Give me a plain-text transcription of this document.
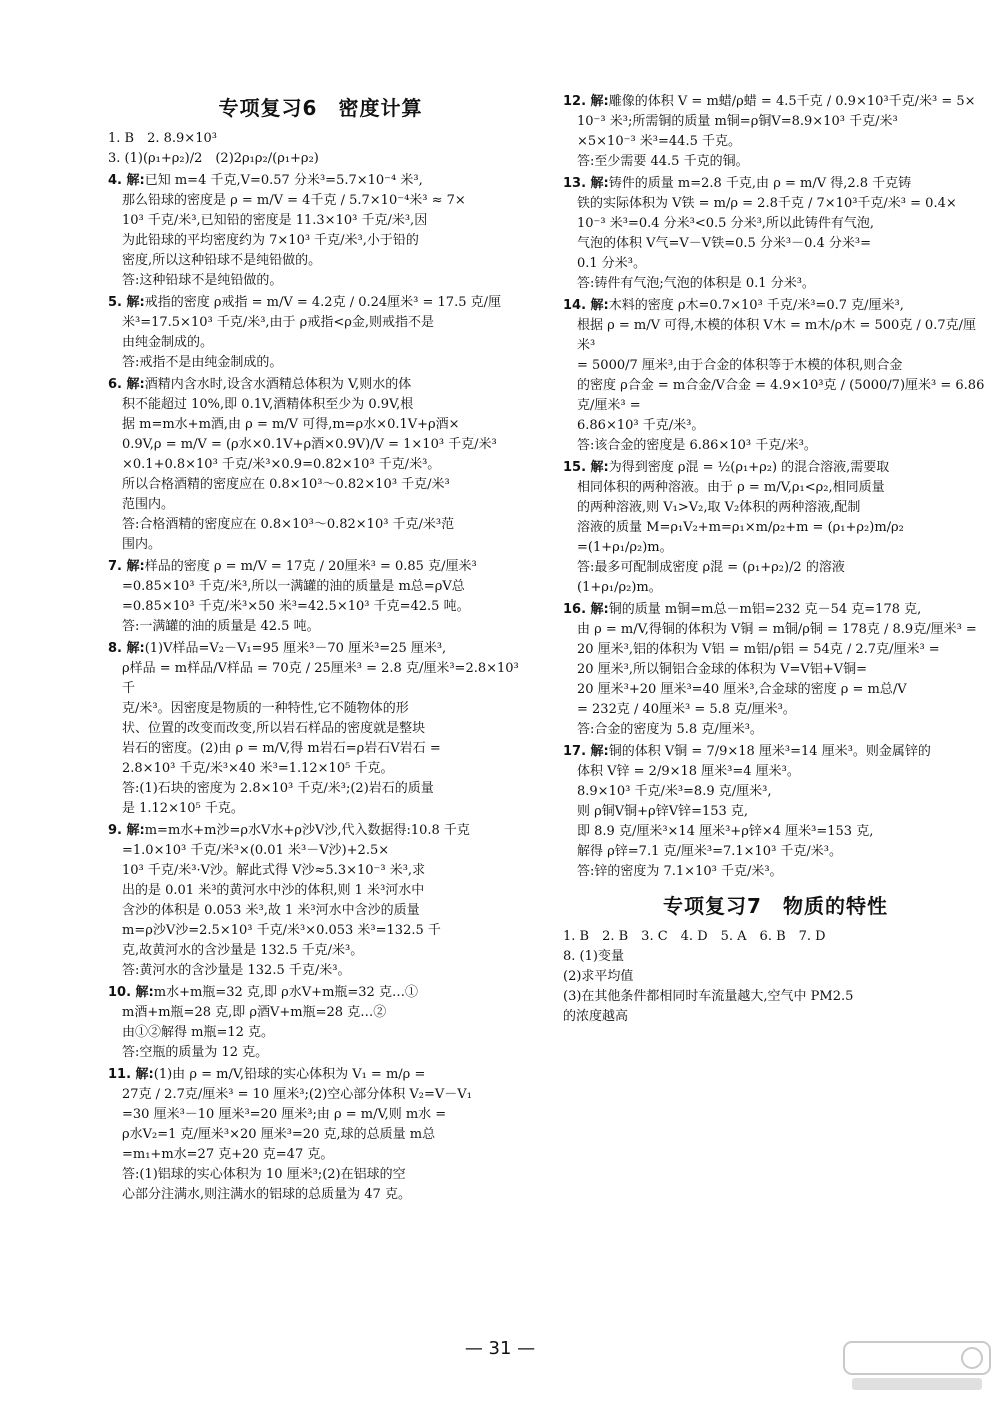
专项复习6　密度计算

1. B　2. 8.9×10³

3. (1)(ρ₁+ρ₂)/2　(2)2ρ₁ρ₂/(ρ₁+ρ₂)

4. 解:已知 m=4 千克,V=0.57 分米³=5.7×10⁻⁴ 米³,

那么铅球的密度是 ρ = m/V = 4千克 / 5.7×10⁻⁴米³ ≈ 7×

10³ 千克/米³,已知铅的密度是 11.3×10³ 千克/米³,因

为此铅球的平均密度约为 7×10³ 千克/米³,小于铅的

密度,所以这种铅球不是纯铅做的。

答:这种铅球不是纯铅做的。

5. 解:戒指的密度 ρ戒指 = m/V = 4.2克 / 0.24厘米³ = 17.5 克/厘

米³=17.5×10³ 千克/米³,由于 ρ戒指<ρ金,则戒指不是

由纯金制成的。

答:戒指不是由纯金制成的。

6. 解:酒精内含水时,设含水酒精总体积为 V,则水的体

积不能超过 10%,即 0.1V,酒精体积至少为 0.9V,根

据 m=m水+m酒,由 ρ = m/V 可得,m=ρ水×0.1V+ρ酒×

0.9V,ρ = m/V = (ρ水×0.1V+ρ酒×0.9V)/V = 1×10³ 千克/米³

×0.1+0.8×10³ 千克/米³×0.9=0.82×10³ 千克/米³。

所以合格酒精的密度应在 0.8×10³～0.82×10³ 千克/米³

范围内。

答:合格酒精的密度应在 0.8×10³～0.82×10³ 千克/米³范

围内。

7. 解:样品的密度 ρ = m/V = 17克 / 20厘米³ = 0.85 克/厘米³

=0.85×10³ 千克/米³,所以一满罐的油的质量是 m总=ρV总

=0.85×10³ 千克/米³×50 米³=42.5×10³ 千克=42.5 吨。

答:一满罐的油的质量是 42.5 吨。

8. 解:(1)V样品=V₂－V₁=95 厘米³－70 厘米³=25 厘米³,

ρ样品 = m样品/V样品 = 70克 / 25厘米³ = 2.8 克/厘米³=2.8×10³ 千

克/米³。因密度是物质的一种特性,它不随物体的形

状、位置的改变而改变,所以岩石样品的密度就是整块

岩石的密度。(2)由 ρ = m/V,得 m岩石=ρ岩石V岩石 =

2.8×10³ 千克/米³×40 米³=1.12×10⁵ 千克。

答:(1)石块的密度为 2.8×10³ 千克/米³;(2)岩石的质量

是 1.12×10⁵ 千克。

9. 解:m=m水+m沙=ρ水V水+ρ沙V沙,代入数据得:10.8 千克

=1.0×10³ 千克/米³×(0.01 米³－V沙)+2.5×

10³ 千克/米³·V沙。解此式得 V沙≈5.3×10⁻³ 米³,求

出的是 0.01 米³的黄河水中沙的体积,则 1 米³河水中

含沙的体积是 0.053 米³,故 1 米³河水中含沙的质量

m=ρ沙V沙=2.5×10³ 千克/米³×0.053 米³=132.5 千

克,故黄河水的含沙量是 132.5 千克/米³。

答:黄河水的含沙量是 132.5 千克/米³。

10. 解:m水+m瓶=32 克,即 ρ水V+m瓶=32 克…①

m酒+m瓶=28 克,即 ρ酒V+m瓶=28 克…②

由①②解得 m瓶=12 克。

答:空瓶的质量为 12 克。

11. 解:(1)由 ρ = m/V,铅球的实心体积为 V₁ = m/ρ =

27克 / 2.7克/厘米³ = 10 厘米³;(2)空心部分体积 V₂=V－V₁

=30 厘米³－10 厘米³=20 厘米³;由 ρ = m/V,则 m水 =

ρ水V₂=1 克/厘米³×20 厘米³=20 克,球的总质量 m总

=m₁+m水=27 克+20 克=47 克。

答:(1)铝球的实心体积为 10 厘米³;(2)在铝球的空

心部分注满水,则注满水的铝球的总质量为 47 克。

12. 解:雕像的体积 V = m蜡/ρ蜡 = 4.5千克 / 0.9×10³千克/米³ = 5×

10⁻³ 米³;所需铜的质量 m铜=ρ铜V=8.9×10³ 千克/米³

×5×10⁻³ 米³=44.5 千克。

答:至少需要 44.5 千克的铜。

13. 解:铸件的质量 m=2.8 千克,由 ρ = m/V 得,2.8 千克铸

铁的实际体积为 V铁 = m/ρ = 2.8千克 / 7×10³千克/米³ = 0.4×

10⁻³ 米³=0.4 分米³<0.5 分米³,所以此铸件有气泡,

气泡的体积 V气=V－V铁=0.5 分米³－0.4 分米³=

0.1 分米³。

答:铸件有气泡;气泡的体积是 0.1 分米³。

14. 解:木料的密度 ρ木=0.7×10³ 千克/米³=0.7 克/厘米³,

根据 ρ = m/V 可得,木模的体积 V木 = m木/ρ木 = 500克 / 0.7克/厘米³

= 5000/7 厘米³,由于合金的体积等于木模的体积,则合金

的密度 ρ合金 = m合金/V合金 = 4.9×10³克 / (5000/7)厘米³ = 6.86 克/厘米³ =

6.86×10³ 千克/米³。

答:该合金的密度是 6.86×10³ 千克/米³。

15. 解:为得到密度 ρ混 = ½(ρ₁+ρ₂) 的混合溶液,需要取

相同体积的两种溶液。由于 ρ = m/V,ρ₁<ρ₂,相同质量

的两种溶液,则 V₁>V₂,取 V₂体积的两种溶液,配制

溶液的质量 M=ρ₁V₂+m=ρ₁×m/ρ₂+m = (ρ₁+ρ₂)m/ρ₂

=(1+ρ₁/ρ₂)m。

答:最多可配制成密度 ρ混 = (ρ₁+ρ₂)/2 的溶液

(1+ρ₁/ρ₂)m。

16. 解:铜的质量 m铜=m总－m铝=232 克－54 克=178 克,

由 ρ = m/V,得铜的体积为 V铜 = m铜/ρ铜 = 178克 / 8.9克/厘米³ =

20 厘米³,铝的体积为 V铝 = m铝/ρ铝 = 54克 / 2.7克/厘米³ =

20 厘米³,所以铜铝合金球的体积为 V=V铝+V铜=

20 厘米³+20 厘米³=40 厘米³,合金球的密度 ρ = m总/V

= 232克 / 40厘米³ = 5.8 克/厘米³。

答:合金的密度为 5.8 克/厘米³。

17. 解:铜的体积 V铜 = 7/9×18 厘米³=14 厘米³。则金属锌的

体积 V锌 = 2/9×18 厘米³=4 厘米³。

8.9×10³ 千克/米³=8.9 克/厘米³,

则 ρ铜V铜+ρ锌V锌=153 克,

即 8.9 克/厘米³×14 厘米³+ρ锌×4 厘米³=153 克,

解得 ρ锌=7.1 克/厘米³=7.1×10³ 千克/米³。

答:锌的密度为 7.1×10³ 千克/米³。

专项复习7　物质的特性

1. B　2. B　3. C　4. D　5. A　6. B　7. D

8. (1)变量

(2)求平均值

(3)在其他条件都相同时车流量越大,空气中 PM2.5

的浓度越高

— 31 —
